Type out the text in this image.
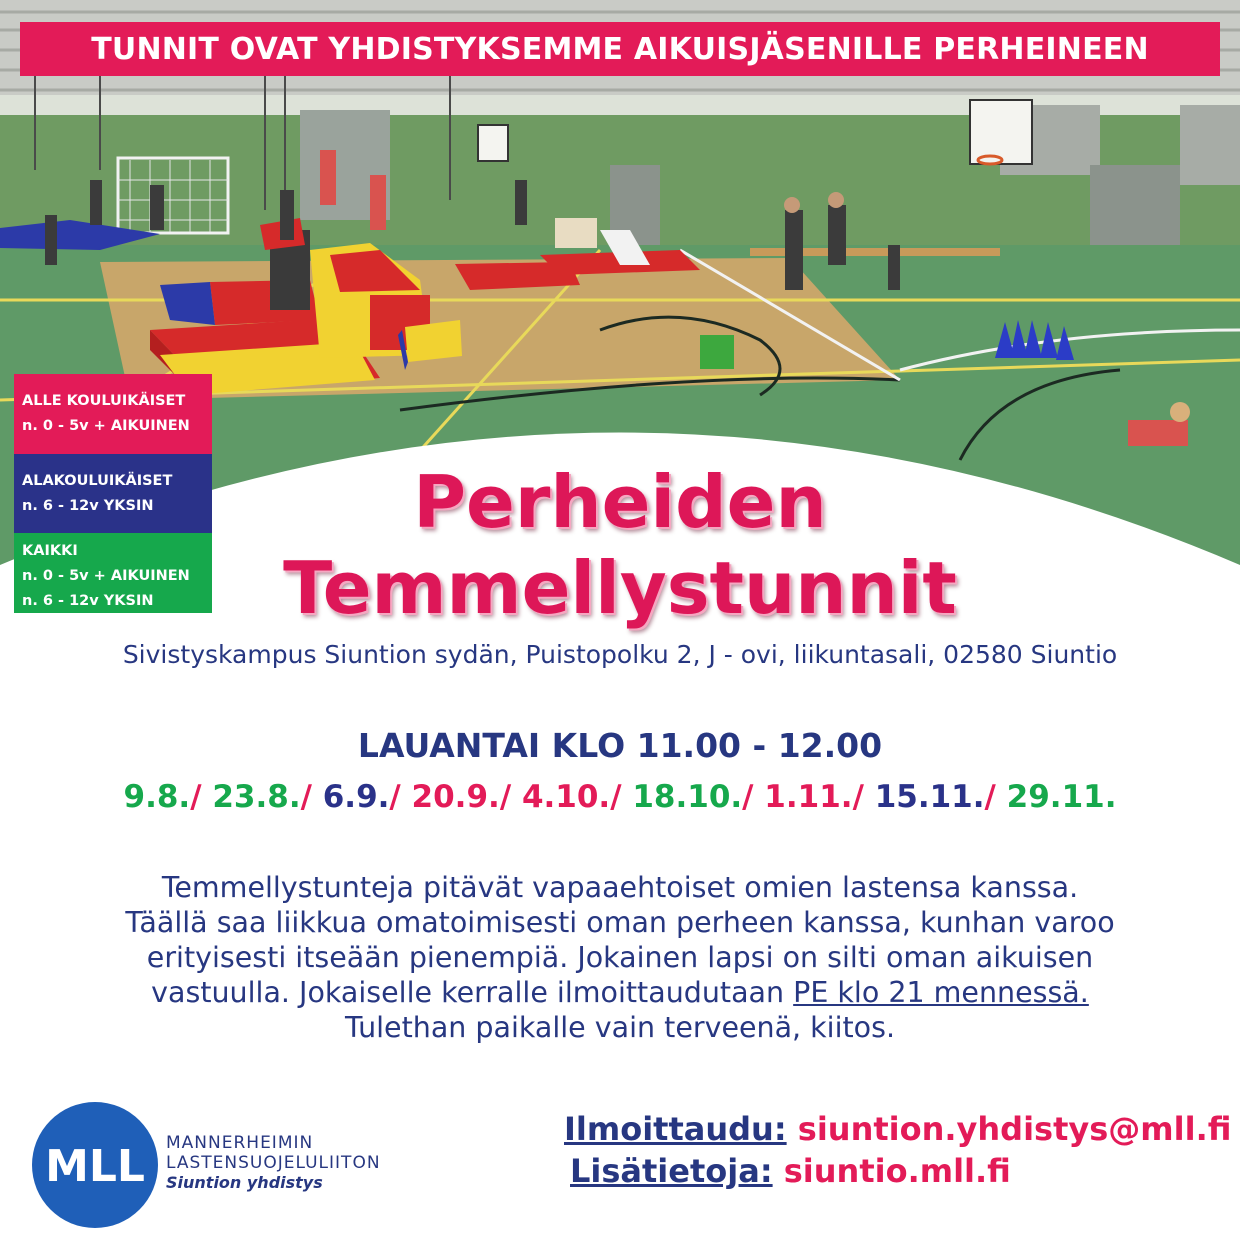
TUNNIT OVAT YHDISTYKSEMME AIKUISJÄSENILLE PERHEINEEN
ALLE KOULUIKÄISET
n. 0 - 5v + AIKUINEN
ALAKOULUIKÄISET
n. 6 - 12v YKSIN
KAIKKI
n. 0 - 5v + AIKUINEN
n. 6 - 12v YKSIN
Perheiden
Temmellystunnit
Sivistyskampus Siuntion sydän, Puistopolku 2, J - ovi, liikuntasali, 02580 Siuntio
LAUANTAI KLO 11.00 - 12.00
9.8./ 23.8./ 6.9./ 20.9./ 4.10./ 18.10./ 1.11./ 15.11./ 29.11.
Temmellystunteja pitävät vapaaehtoiset omien lastensa kanssa.
Täällä saa liikkua omatoimisesti oman perheen kanssa, kunhan varoo
erityisesti itseään pienempiä. Jokainen lapsi on silti oman aikuisen
vastuulla. Jokaiselle kerralle ilmoittaudutaan PE klo 21 mennessä.
Tulethan paikalle vain terveenä, kiitos.
MLL MANNERHEIMIN
LASTENSUOJELULIITON
Siuntion yhdistys
Ilmoittaudu: siuntion.yhdistys@mll.fi
Lisätietoja: siuntio.mll.fi
